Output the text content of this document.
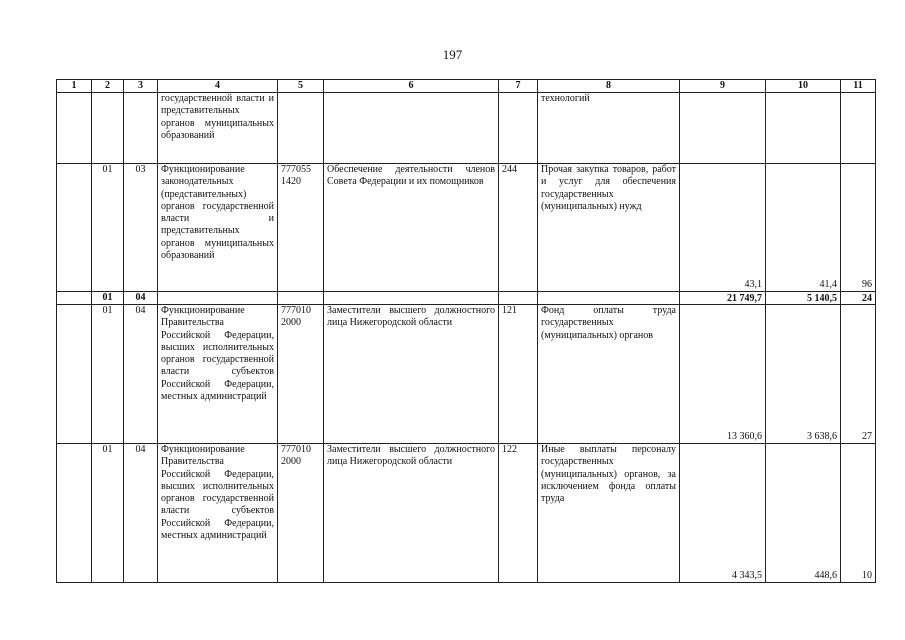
197
1	2	3	4	5	6	7	8	9	10	11
			государственной власти и представительных органов муниципальных образований				технологий			
	01	03	Функционирование законодательных (представительных) органов государственной власти и представительных органов муниципальных образований	777055 1420	Обеспечение деятельности членов Совета Федерации и их помощников	244	Прочая закупка товаров, работ и услуг для обеспечения государственных (муниципальных) нужд	43,1	41,4	96
	01	04						21 749,7	5 140,5	24
	01	04	Функционирование Правительства Российской Федерации, высших исполнительных органов государственной власти субъектов Российской Федерации, местных администраций	777010 2000	Заместители высшего должностного лица Нижегородской области	121	Фонд оплаты труда государственных (муниципальных) органов	13 360,6	3 638,6	27
	01	04	Функционирование Правительства Российской Федерации, высших исполнительных органов государственной власти субъектов Российской Федерации, местных администраций	777010 2000	Заместители высшего должностного лица Нижегородской области	122	Иные выплаты персоналу государственных (муниципальных) органов, за исключением фонда оплаты труда	4 343,5	448,6	10
